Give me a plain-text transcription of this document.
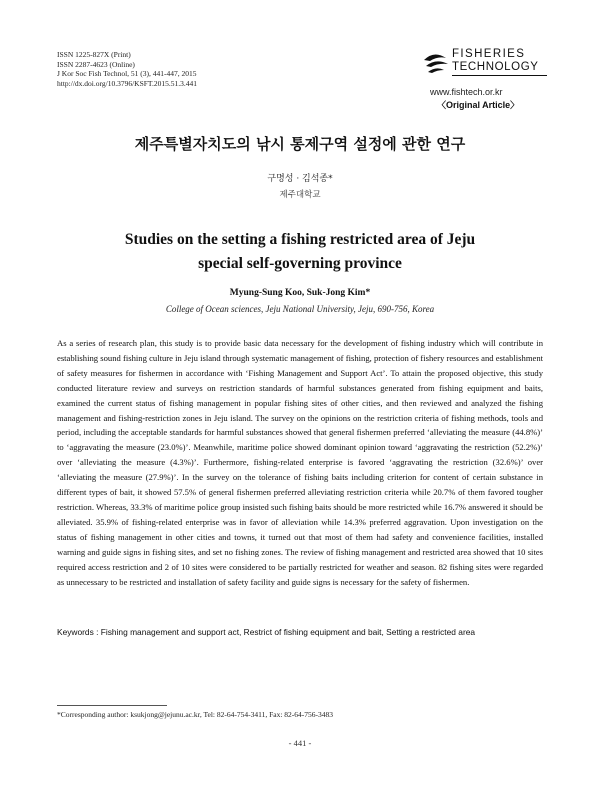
ISSN 1225-827X (Print)
ISSN 2287-4623 (Online)
J Kor Soc Fish Technol, 51 (3), 441-447, 2015
http://dx.doi.org/10.3796/KSFT.2015.51.3.441
FISHERIES
TECHNOLOGY
www.fishtech.or.kr
〈Original Article〉
제주특별자치도의 낚시 통제구역 설정에 관한 연구
구명성 · 김석종*
제주대학교
Studies on the setting a fishing restricted area of Jeju
special self-governing province
Myung-Sung Koo, Suk-Jong Kim*
College of Ocean sciences, Jeju National University, Jeju, 690-756, Korea

As a series of research plan, this study is to provide basic data necessary for the development of fishing industry which will contribute in establishing sound fishing culture in Jeju island through systematic management of fishing, protection of fishery resources and establishment of safety measures for fishermen in accordance with ‘Fishing Management and Support Act’. To attain the proposed objective, this study conducted literature review and surveys on restriction standards of harmful substances generated from fishing equipment and baits, examined the current status of fishing management in popular fishing sites of other cities, and then reviewed and analyzed the fishing management and fishing-restriction zones in Jeju island. The survey on the opinions on the restriction criteria of fishing methods, tools and period, including the acceptable standards for harmful substances showed that general fishermen preferred ‘alleviating the measure (44.8%)’ to ‘aggravating the measure (23.0%)’. Meanwhile, maritime police showed dominant opinion toward ‘aggravating the restriction (52.2%)’ over ‘alleviating the measure (4.3%)’. Furthermore, fishing-related enterprise is favored ‘aggravating the restriction (32.6%)’ over ‘alleviating the measure (27.9%)’. In the survey on the tolerance of fishing baits including criterion for content of certain substance in different types of bait, it showed 57.5% of general fishermen preferred alleviating restriction criteria while 20.7% of them favored tougher restriction. Whereas, 33.3% of maritime police group insisted such fishing baits should be more restricted while 16.7% answered it should be alleviated. 35.9% of fishing-related enterprise was in favor of alleviation while 14.3% preferred aggravation. Upon investigation on the status of fishing management in other cities and towns, it turned out that most of them had safety and convenience facilities, installed warning and guide signs in fishing sites, and set no fishing zones. The review of fishing management and restricted area showed that 10 sites required access restriction and 2 of 10 sites were considered to be partially restricted for weather and season. 82 fishing sites were regarded as unnecessary to be restricted and installation of safety facility and guide signs is necessary for the safety of fishermen.

Keywords : Fishing management and support act, Restrict of fishing equipment and bait, Setting a restricted area
*Corresponding author: ksukjong@jejunu.ac.kr, Tel: 82-64-754-3411, Fax: 82-64-756-3483
- 441 -
